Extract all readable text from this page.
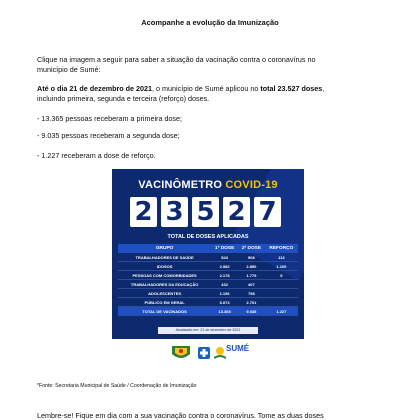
Acompanhe a evolução da Imunização
Clique na imagem a seguir para saber a situação da vacinação contra o coronavírus no
município de Sumé:
Até o dia 21 de dezembro de 2021, o município de Sumé aplicou no total 23.527 doses,
incluindo primeira, segunda e terceira (reforço) doses.
- 13.365 pessoas receberam a primeira dose;
- 9.035 pessoas receberam a segunda dose;
- 1.227 receberam a dose de reforço.
VACINÔMETRO COVID-19
2 3 5 2 7
TOTAL DE DOSES APLICADAS
GRUPO	1ª DOSE	2ª DOSE	REFORÇO
TRABALHADORES DE SAÚDE	543	508	113
IDOSOS	2.982	2.850	1.109
PESSOAS COM COMORBIDADES	2.178	1.779	5
TRABALHADORES DA EDUCAÇÃO	432	407	
ADOLESCENTES	1.156	798	
PÚBLICO EM GERAL	6.074	2.701	
TOTAL DE VACINADOS	13.365	9.035	1.227
Atualizado em: 21 de dezembro de 2021
SUMÉ
*Fonte: Secretaria Municipal de Saúde / Coordenação de Imunização
Lembre-se! Fique em dia com a sua vacinação contra o coronavírus. Tome as duas doses
